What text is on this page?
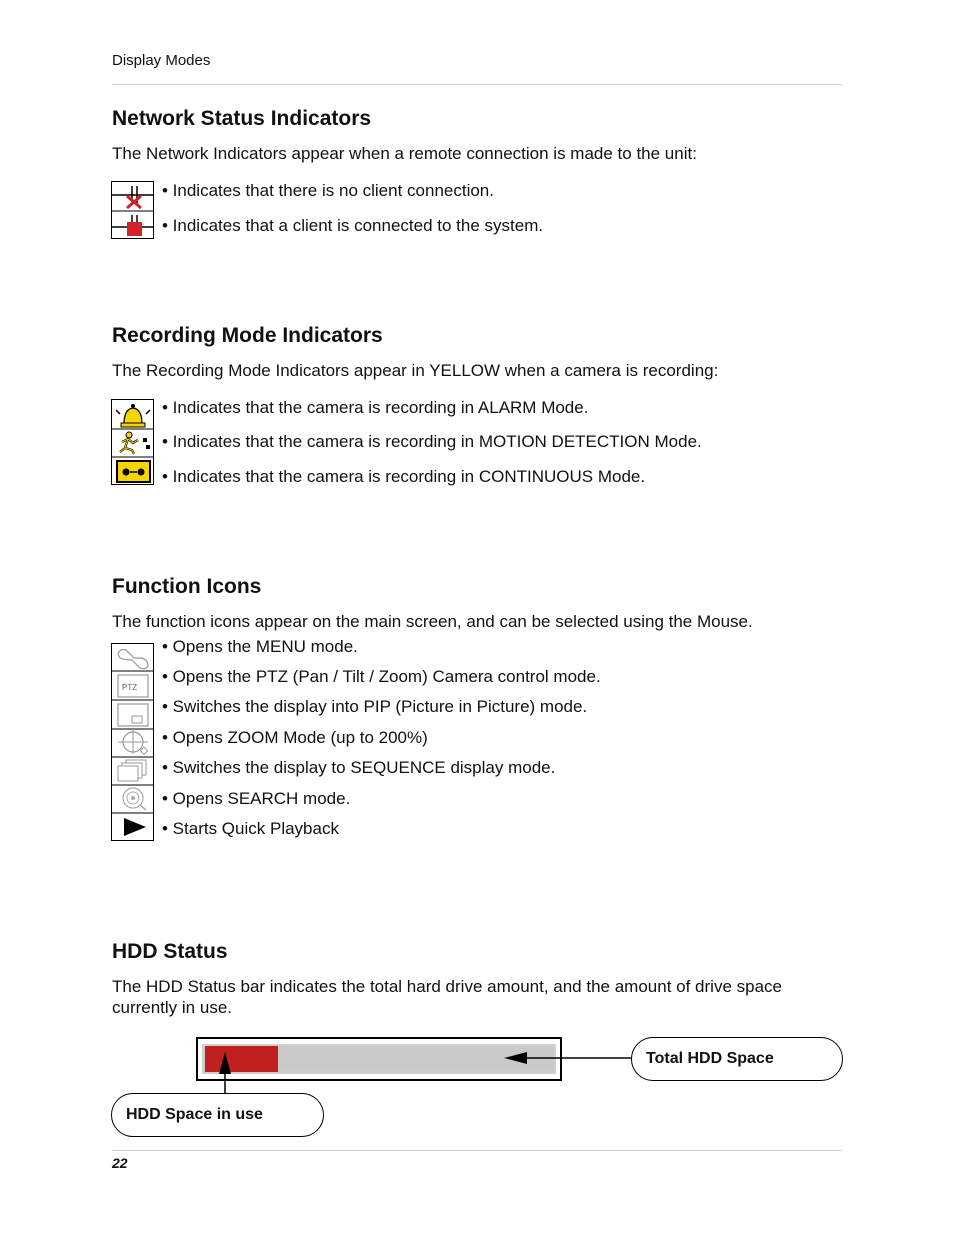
Display Modes
Network Status Indicators
The Network Indicators appear when a remote connection is made to the unit:
• Indicates that there is no client connection.
• Indicates that a client is connected to the system.
Recording Mode Indicators
The Recording Mode Indicators appear in YELLOW when a camera is recording:
• Indicates that the camera is recording in ALARM Mode.
• Indicates that the camera is recording in MOTION DETECTION Mode.
• Indicates that the camera is recording in CONTINUOUS Mode.
Function Icons
The function icons appear on the main screen, and can be selected using the Mouse.
PTZ
• Opens the MENU mode.
• Opens the PTZ (Pan / Tilt / Zoom) Camera control mode.
• Switches the display into PIP (Picture in Picture) mode.
• Opens ZOOM Mode (up to 200%)
• Switches the display to SEQUENCE display mode.
• Opens SEARCH mode.
• Starts Quick Playback
HDD Status
The HDD Status bar indicates the total hard drive amount, and the amount of drive space currently in use.
Total HDD Space
HDD Space in use
22
